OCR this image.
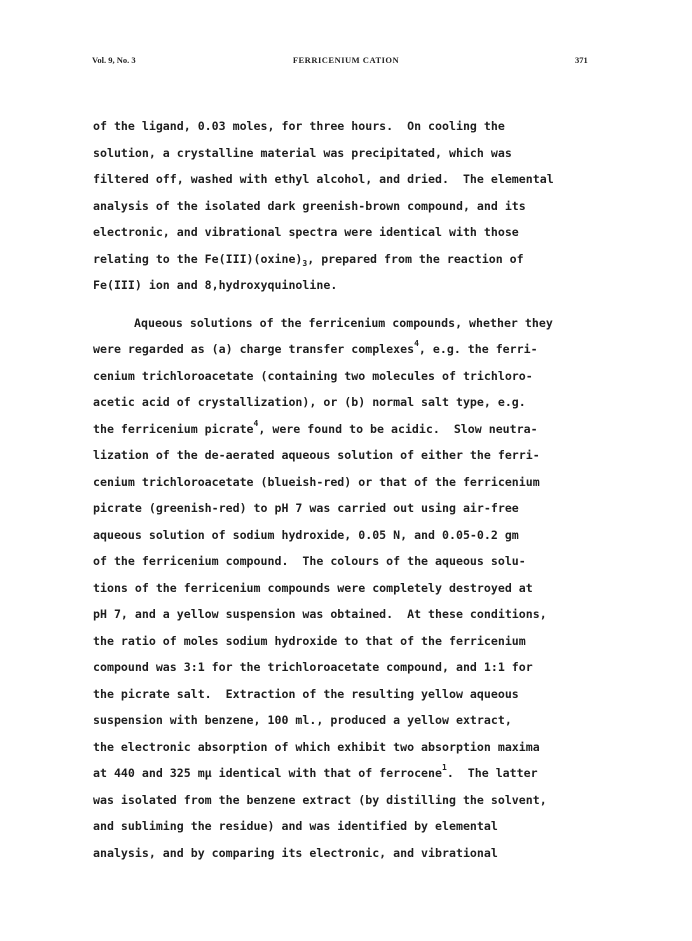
Vol. 9, No. 3	FERRICENIUM CATION	371
of the ligand, 0.03 moles, for three hours.  On cooling the
solution, a crystalline material was precipitated, which was
filtered off, washed with ethyl alcohol, and dried.  The elemental
analysis of the isolated dark greenish-brown compound, and its
electronic, and vibrational spectra were identical with those
relating to the $Fe(III)(oxine)_3$, prepared from the reaction of
Fe(III) ion and 8,hydroxyquinoline.
Aqueous solutions of the ferricenium compounds, whether they
were regarded as (a) charge transfer complexes$^4$, e.g. the ferri-
cenium trichloroacetate (containing two molecules of trichloro-
acetic acid of crystallization), or (b) normal salt type, e.g.
the ferricenium picrate$^4$, were found to be acidic.  Slow neutra-
lization of the de-aerated aqueous solution of either the ferri-
cenium trichloroacetate (blueish-red) or that of the ferricenium
picrate (greenish-red) to pH 7 was carried out using air-free
aqueous solution of sodium hydroxide, 0.05 N, and 0.05-0.2 gm
of the ferricenium compound.  The colours of the aqueous solu-
tions of the ferricenium compounds were completely destroyed at
pH 7, and a yellow suspension was obtained.  At these conditions,
the ratio of moles sodium hydroxide to that of the ferricenium
compound was 3:1 for the trichloroacetate compound, and 1:1 for
the picrate salt.  Extraction of the resulting yellow aqueous
suspension with benzene, 100 ml., produced a yellow extract,
the electronic absorption of which exhibit two absorption maxima
at 440 and 325 mμ identical with that of ferrocene$^1$.  The latter
was isolated from the benzene extract (by distilling the solvent,
and subliming the residue) and was identified by elemental
analysis, and by comparing its electronic, and vibrational
